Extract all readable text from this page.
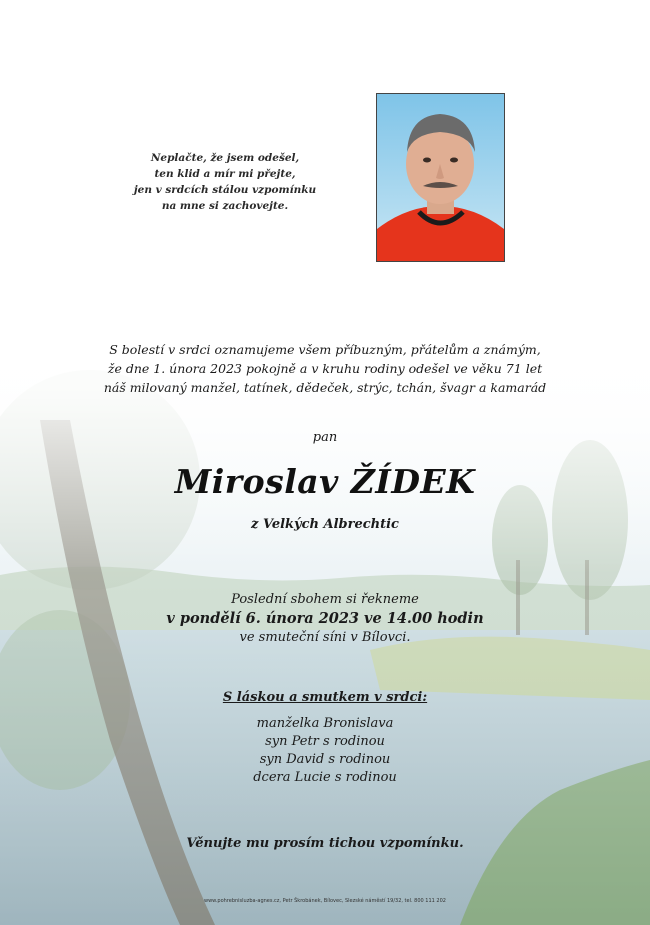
Neplačte, že jsem odešel,
ten klid a mír mi přejte,
jen v srdcích stálou vzpomínku
na mne si zachovejte.
S bolestí v srdci oznamujeme všem příbuzným, přátelům a známým,
že dne 1. února 2023 pokojně a v kruhu rodiny odešel ve věku 71 let
náš milovaný manžel, tatínek, dědeček, strýc, tchán, švagr a kamarád
pan
Miroslav ŽÍDEK
z Velkých Albrechtic
Poslední sbohem si řekneme
v pondělí 6. února 2023 ve 14.00 hodin
ve smuteční síni v Bílovci.
S láskou a smutkem v srdci:
manželka Bronislava
syn Petr s rodinou
syn David s rodinou
dcera Lucie s rodinou
Věnujte mu prosím tichou vzpomínku.
www.pohrebnisluzba-agnes.cz, Petr Škrobánek, Bílovec, Slezské náměstí 19/32, tel. 800 111 202
